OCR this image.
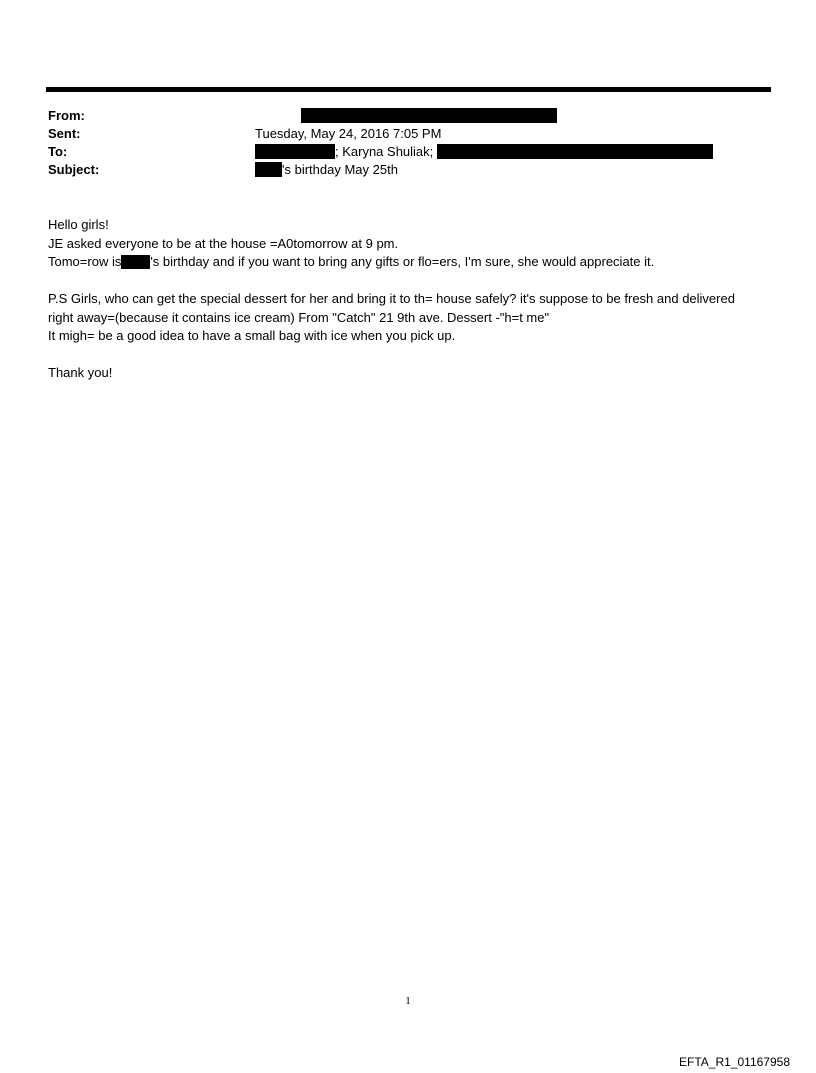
From:
Sent:	Tuesday, May 24, 2016 7:05 PM
To:	; Karyna Shuliak;
Subject:	's birthday May 25th

Hello girls!

JE asked everyone to be at the house =A0tomorrow at 9 pm.

Tomo=row is 's birthday and if you want to bring any gifts or flo=ers, I'm sure, she would appreciate it.

P.S Girls, who can get the special dessert for her and bring it to th= house safely? it's suppose to be fresh and delivered

right away=(because it contains ice cream) From "Catch" 21 9th ave. Dessert -"h=t me"

It migh= be a good idea to have a small bag with ice when you pick up.

Thank you!

1
EFTA_R1_01167958
